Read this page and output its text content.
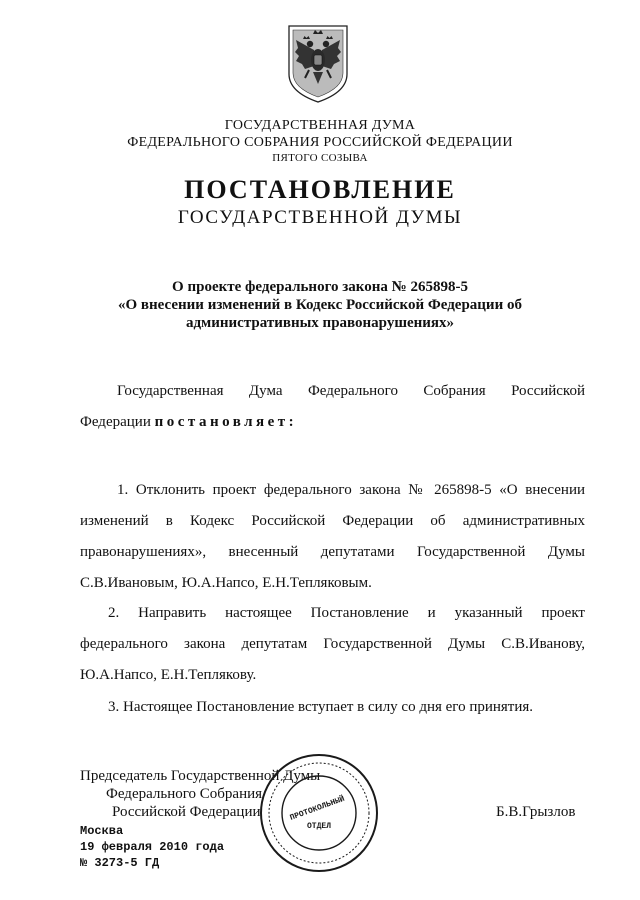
ГОСУДАРСТВЕННАЯ ДУМА
ФЕДЕРАЛЬНОГО СОБРАНИЯ РОССИЙСКОЙ ФЕДЕРАЦИИ
ПЯТОГО СОЗЫВА
ПОСТАНОВЛЕНИЕ
ГОСУДАРСТВЕННОЙ ДУМЫ
О проекте федерального закона № 265898-5
«О внесении изменений в Кодекс Российской Федерации об
административных правонарушениях»
Государственная Дума Федерального Собрания Российской
Федерации постановляет:
1. Отклонить проект федерального закона № 265898-5 «О внесении
изменений в Кодекс Российской Федерации об административных
правонарушениях», внесенный депутатами Государственной Думы
С.В.Ивановым, Ю.А.Напсо, Е.Н.Тепляковым.
2. Направить настоящее Постановление и указанный проект
федерального закона депутатам Государственной Думы С.В.Иванову,
Ю.А.Напсо, Е.Н.Теплякову.
3. Настоящее Постановление вступает в силу со дня его принятия.
Председатель Государственной Думы
Федерального Собрания
Российской Федерации	Б.В.Грызлов
ПРОТОКОЛЬНЫЙ
ОТДЕЛ
Москва
19 февраля 2010 года
№ 3273-5 ГД
